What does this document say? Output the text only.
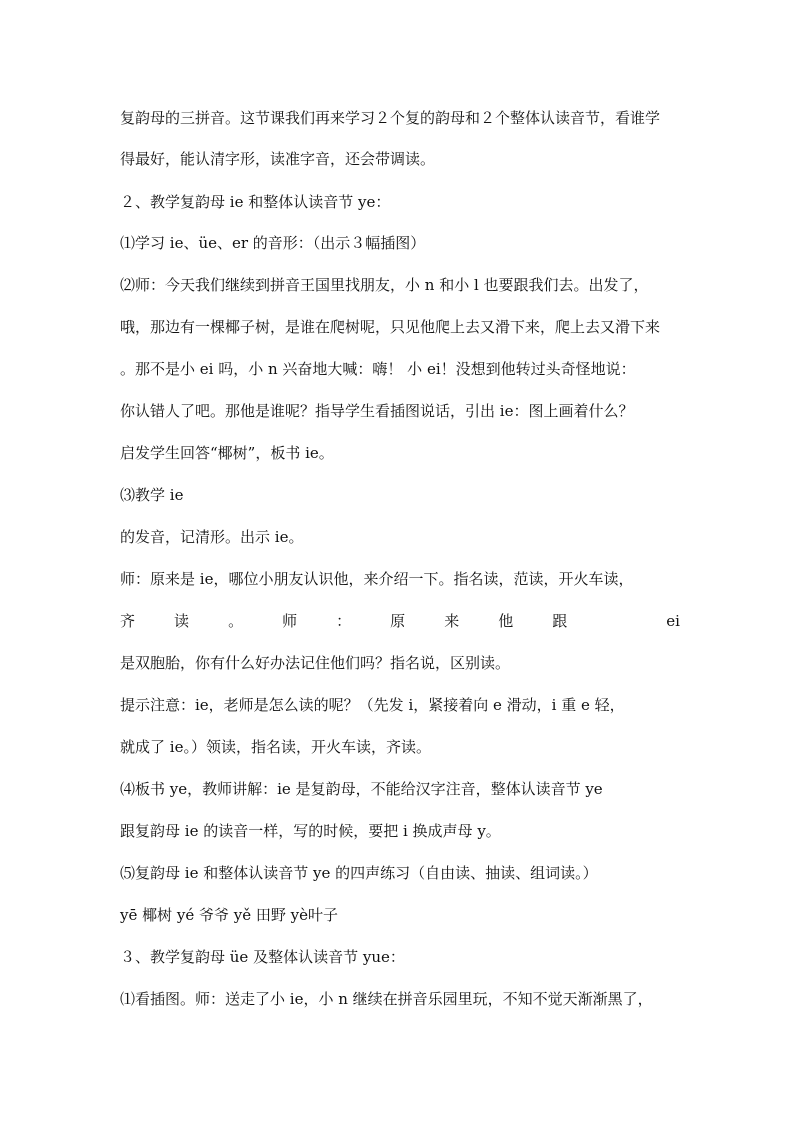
复韵母的三拼音。这节课我们再来学习２个复的韵母和２个整体认读音节，看谁学
得最好，能认清字形，读准字音，还会带调读。
２、教学复韵母 ie 和整体认读音节 ye：
⑴学习 ie、üe、er 的音形：（出示３幅插图）
⑵师：今天我们继续到拼音王国里找朋友，小 n 和小 l 也要跟我们去。出发了，
哦，那边有一棵椰子树，是谁在爬树呢，只见他爬上去又滑下来，爬上去又滑下来
。那不是小 ei 吗，小 n 兴奋地大喊：嗨！ 小 ei！没想到他转过头奇怪地说：
你认错人了吧。那他是谁呢？指导学生看插图说话，引出 ie：图上画着什么？
启发学生回答“椰树”，板书 ie。
⑶教学 ie
的发音，记清形。出示 ie。
师：原来是 ie，哪位小朋友认识他，来介绍一下。指名读，范读，开火车读，
齐	读	。	师	：	原	来	他	跟	ei
是双胞胎，你有什么好办法记住他们吗？指名说，区别读。
提示注意：ie，老师是怎么读的呢？（先发 i，紧接着向 e 滑动，i 重 e 轻，
就成了 ie。）领读，指名读，开火车读，齐读。
⑷板书 ye，教师讲解：ie 是复韵母，不能给汉字注音，整体认读音节 ye
跟复韵母 ie 的读音一样，写的时候，要把 i 换成声母 y。
⑸复韵母 ie 和整体认读音节 ye 的四声练习（自由读、抽读、组词读。）
yē 椰树 yé 爷爷 yě 田野 yè叶子
３、教学复韵母 üe 及整体认读音节 yue：
⑴看插图。师：送走了小 ie，小 n 继续在拼音乐园里玩，不知不觉天渐渐黑了，
